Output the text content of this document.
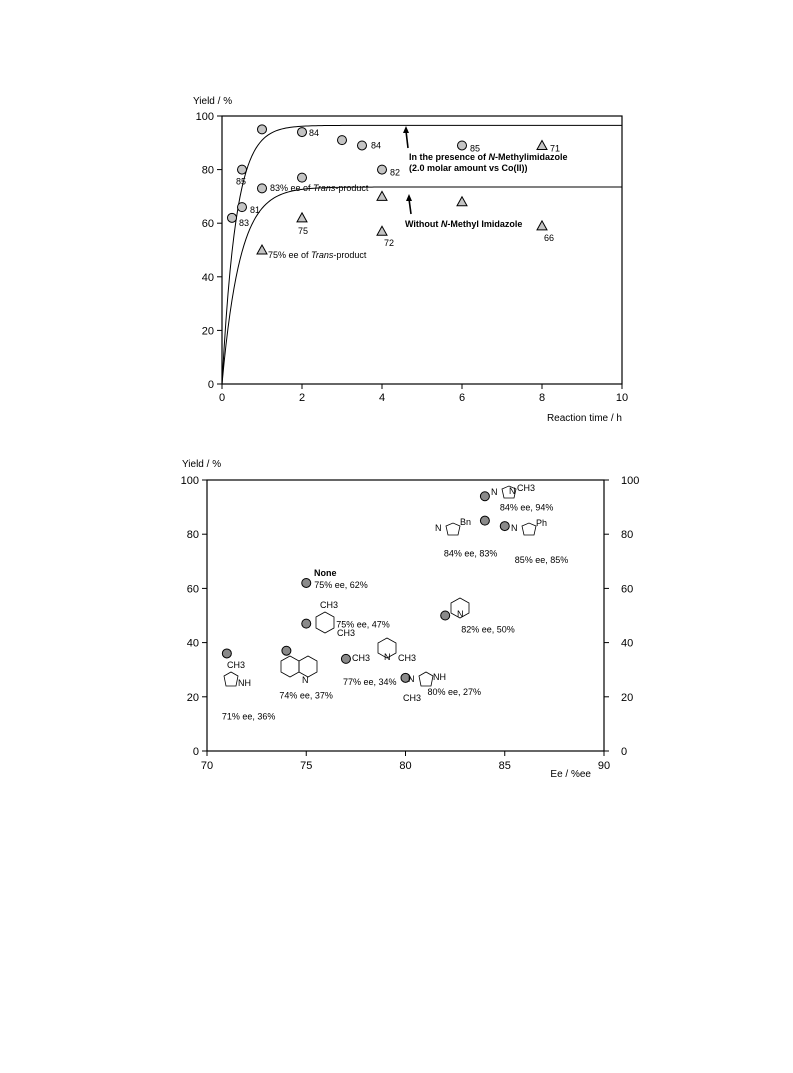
Yield / %
0	2	4	6	8	10
0
20
40
60
80
100
Reaction time / h
83
81
85
84
84
82
85
75
72
71
66
83% ee of Trans-product
75% ee of Trans-product
In the presence of N-Methylimidazole
(2.0 molar amount vs Co(II))
Without N-Methyl Imidazole
Yield / %
70	75	80	85	90
0	0
20	20
40	40
60	60
80	80
100	100
Ee / %ee
84% ee, 94%
84% ee, 83%
85% ee, 85%
75% ee, 62%
75% ee, 47%	82% ee, 50%
71% ee, 36%
74% ee, 37%
77% ee, 34%
80% ee, 27%
None
N N CH3
N
Bn
N Ph
CH3
CH3
N
CH3
NH	N
CH3 N CH3
N NH
CH3
